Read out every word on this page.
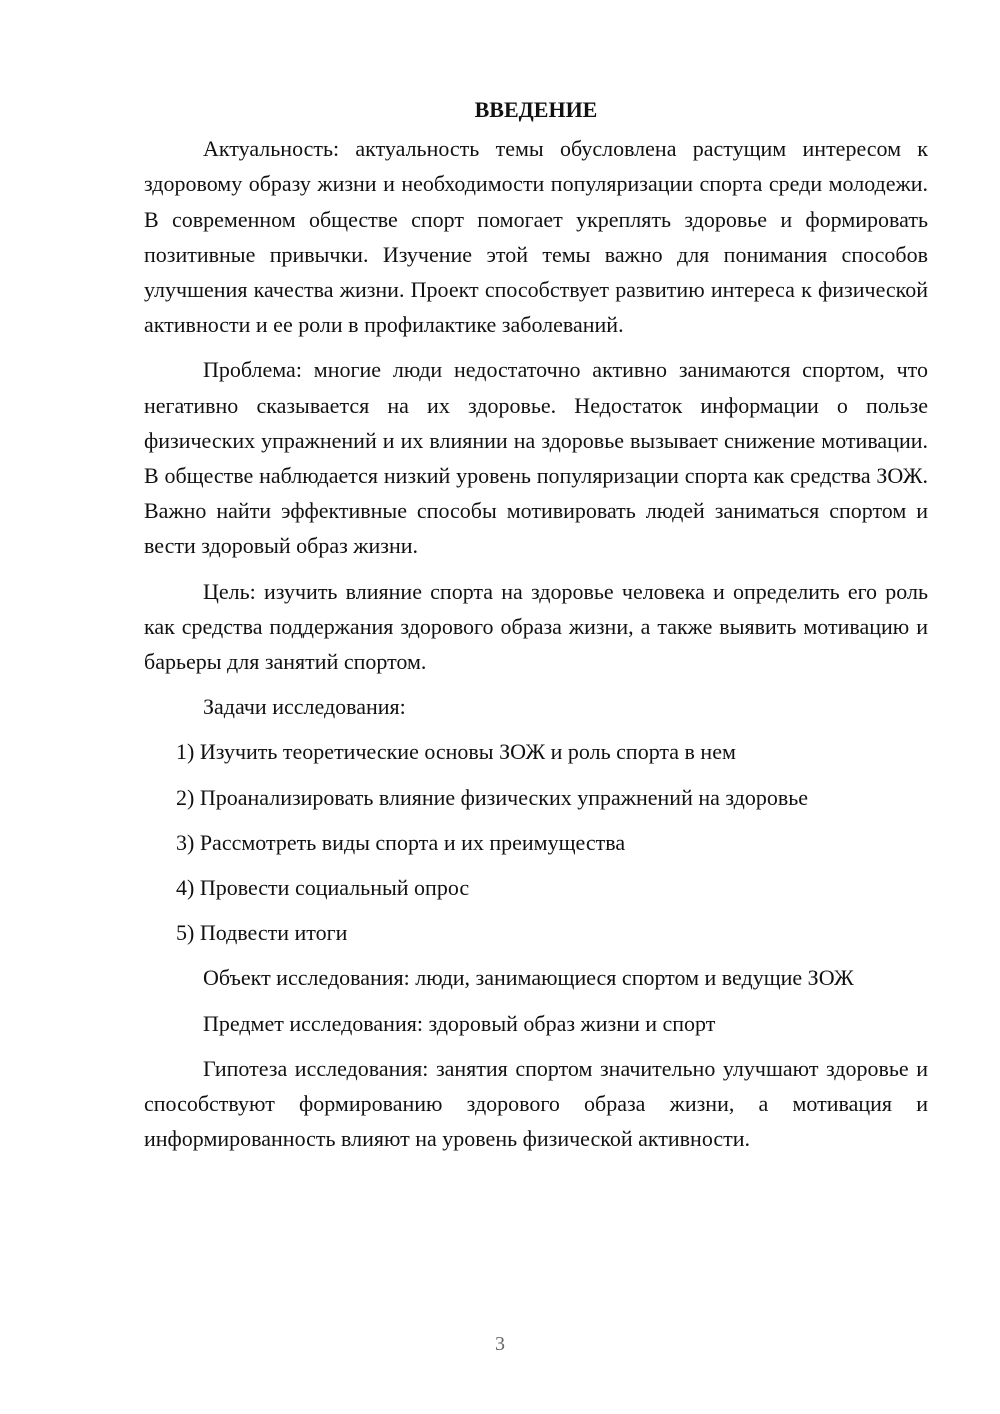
ВВЕДЕНИЕ

Актуальность: актуальность темы обусловлена растущим интересом к здоровому образу жизни и необходимости популяризации спорта среди молодежи. В современном обществе спорт помогает укреплять здоровье и формировать позитивные привычки. Изучение этой темы важно для понимания способов улучшения качества жизни. Проект способствует развитию интереса к физической активности и ее роли в профилактике заболеваний.

Проблема: многие люди недостаточно активно занимаются спортом, что негативно сказывается на их здоровье. Недостаток информации о пользе физических упражнений и их влиянии на здоровье вызывает снижение мотивации. В обществе наблюдается низкий уровень популяризации спорта как средства ЗОЖ. Важно найти эффективные способы мотивировать людей заниматься спортом и вести здоровый образ жизни.

Цель: изучить влияние спорта на здоровье человека и определить его роль как средства поддержания здорового образа жизни, а также выявить мотивацию и барьеры для занятий спортом.

Задачи исследования:

1) Изучить теоретические основы ЗОЖ и роль спорта в нем
2) Проанализировать влияние физических упражнений на здоровье
3) Рассмотреть виды спорта и их преимущества
4) Провести социальный опрос
5) Подвести итоги

Объект исследования: люди, занимающиеся спортом и ведущие ЗОЖ

Предмет исследования: здоровый образ жизни и спорт

Гипотеза исследования: занятия спортом значительно улучшают здоровье и способствуют формированию здорового образа жизни, а мотивация и информированность влияют на уровень физической активности.

3
